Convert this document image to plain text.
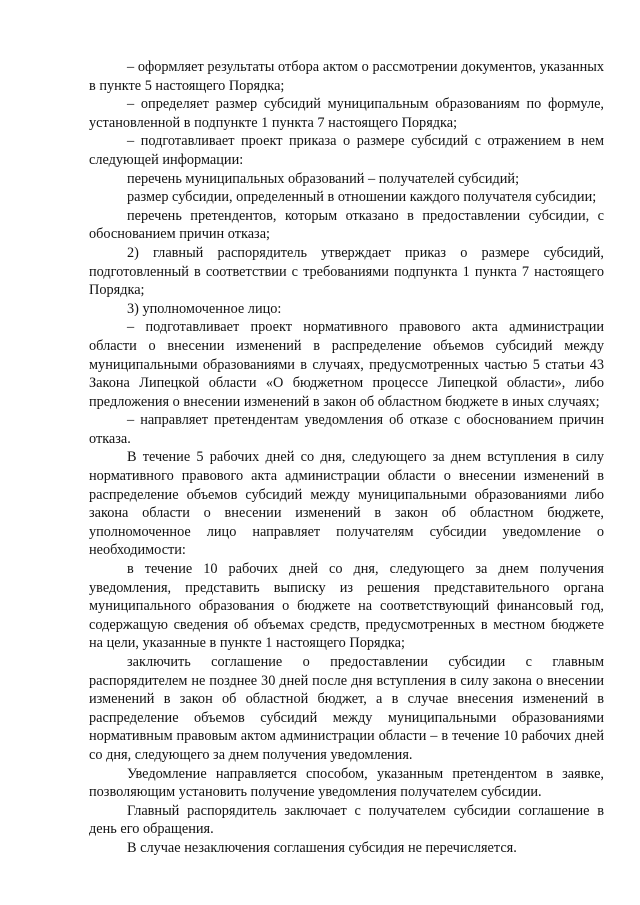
– оформляет результаты отбора актом о рассмотрении документов, указанных в пункте 5 настоящего Порядка;

– определяет размер субсидий муниципальным образованиям по формуле, установленной в подпункте 1 пункта 7 настоящего Порядка;

– подготавливает проект приказа о размере субсидий с отражением в нем следующей информации:

перечень муниципальных образований – получателей субсидий;

размер субсидии, определенный в отношении каждого получателя субсидии;

перечень претендентов, которым отказано в предоставлении субсидии, с обоснованием причин отказа;

2) главный распорядитель утверждает приказ о размере субсидий, подготовленный в соответствии с требованиями подпункта 1 пункта 7 настоящего Порядка;

3) уполномоченное лицо:

– подготавливает проект нормативного правового акта администрации области о внесении изменений в распределение объемов субсидий между муниципальными образованиями в случаях, предусмотренных частью 5 статьи 43 Закона Липецкой области «О бюджетном процессе Липецкой области», либо предложения о внесении изменений в закон об областном бюджете в иных случаях;

– направляет претендентам уведомления об отказе с обоснованием причин отказа.

В течение 5 рабочих дней со дня, следующего за днем вступления в силу нормативного правового акта администрации области о внесении изменений в распределение объемов субсидий между муниципальными образованиями либо закона области о внесении изменений в закон об областном бюджете, уполномоченное лицо направляет получателям субсидии уведомление о необходимости:

в течение 10 рабочих дней со дня, следующего за днем получения уведомления, представить выписку из решения представительного органа муниципального образования о бюджете на соответствующий финансовый год, содержащую сведения об объемах средств, предусмотренных в местном бюджете на цели, указанные в пункте 1 настоящего Порядка;

заключить соглашение о предоставлении субсидии с главным распорядителем не позднее 30 дней после дня вступления в силу закона о внесении изменений в закон об областной бюджет, а в случае внесения изменений в распределение объемов субсидий между муниципальными образованиями нормативным правовым актом администрации области – в течение 10 рабочих дней со дня, следующего за днем получения уведомления.

Уведомление направляется способом, указанным претендентом в заявке, позволяющим установить получение уведомления получателем субсидии.

Главный распорядитель заключает с получателем субсидии соглашение в день его обращения.

В случае незаключения соглашения субсидия не перечисляется.
